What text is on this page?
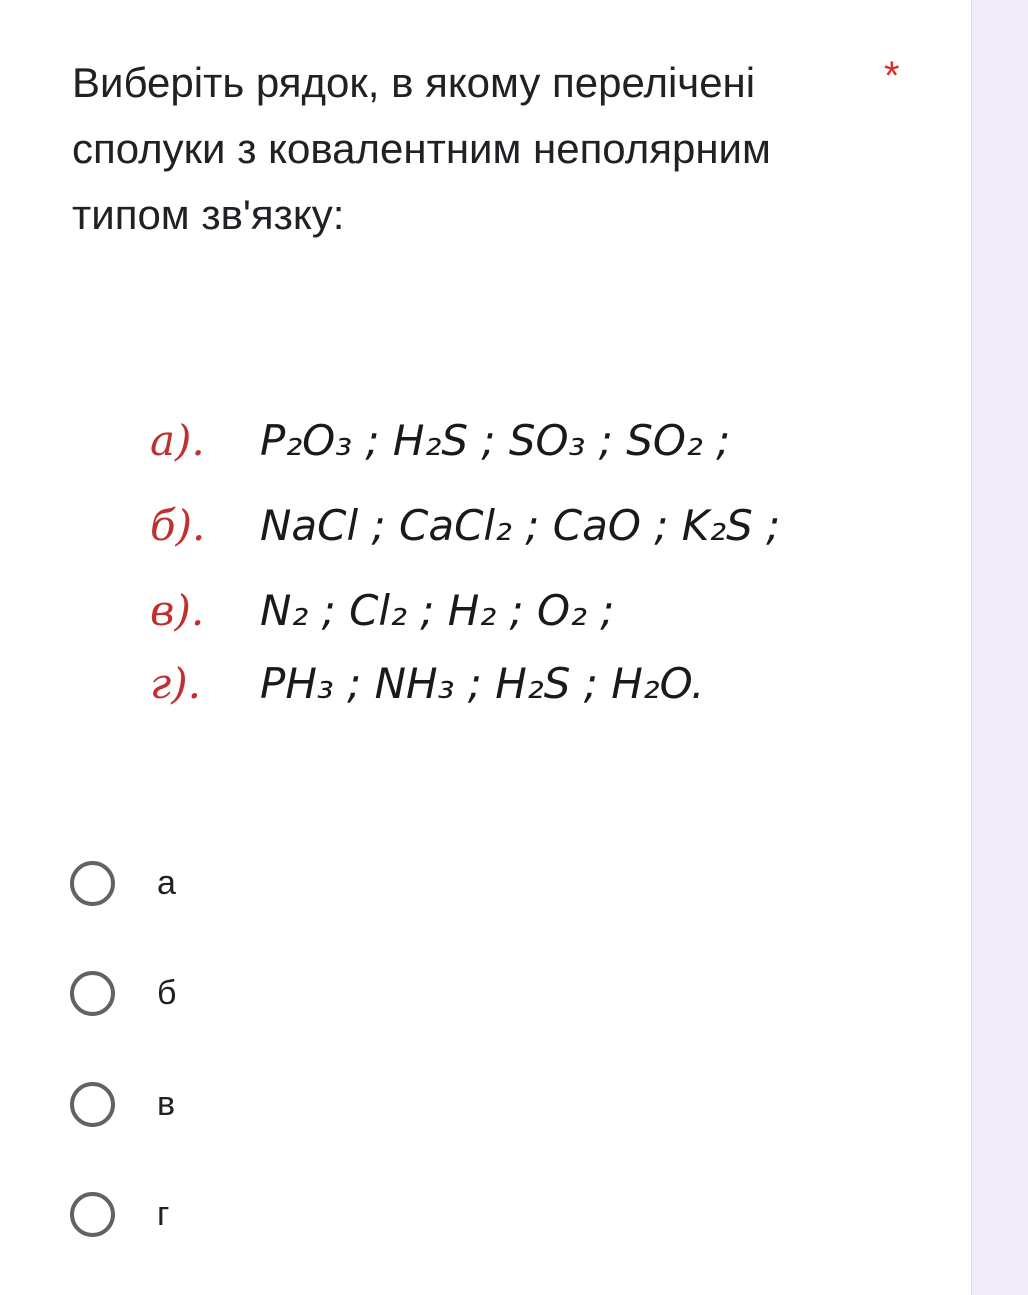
Виберіть рядок, в якому перелічені сполуки з ковалентним неполярним типом зв'язку:
*
а). P₂O₃ ; H₂S ; SO₃ ; SO₂ ;
б). NaCl ; CaCl₂ ; CaO ; K₂S ;
в). N₂ ; Cl₂ ; H₂ ; O₂ ;
г). PH₃ ; NH₃ ; H₂S ; H₂O.
а
б
в
г
